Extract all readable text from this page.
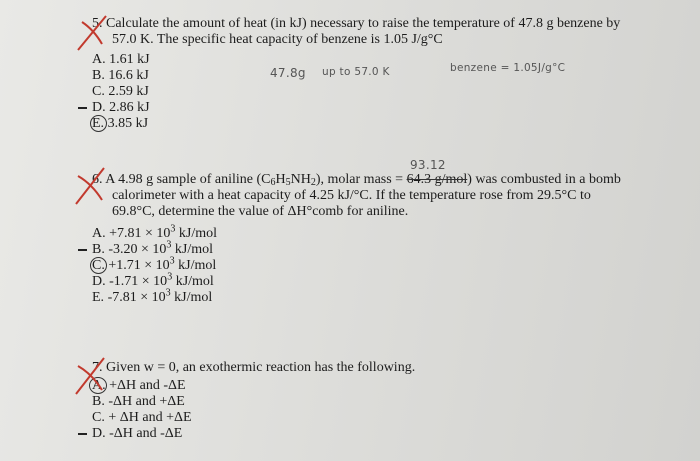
5. Calculate the amount of heat (in kJ) necessary to raise the temperature of 47.8 g benzene by

57.0 K. The specific heat capacity of benzene is 1.05 J/g°C

A. 1.61 kJ
B. 16.6 kJ
C. 2.59 kJ
D. 2.86 kJ
E. 3.85 kJ
47.8g up to 57.0 K	benzene = 1.05J/g°C
93.12

6. A 4.98 g sample of aniline $(C_6H_5NH_2)$, molar mass = 64.3 g/mol) was combusted in a bomb

calorimeter with a heat capacity of 4.25 kJ/°C. If the temperature rose from 29.5°C to

69.8°C, determine the value of ΔH°comb for aniline.

A. $+7.81 \times 10^3$ kJ/mol
B. $-3.20 \times 10^3$ kJ/mol
C. $+1.71 \times 10^3$ kJ/mol
D. $-1.71 \times 10^3$ kJ/mol
E. $-7.81 \times 10^3$ kJ/mol

7. Given w = 0, an exothermic reaction has the following.

A. +ΔH and -ΔE
B. -ΔH and +ΔE
C. + ΔH and +ΔE
D. -ΔH and -ΔE
